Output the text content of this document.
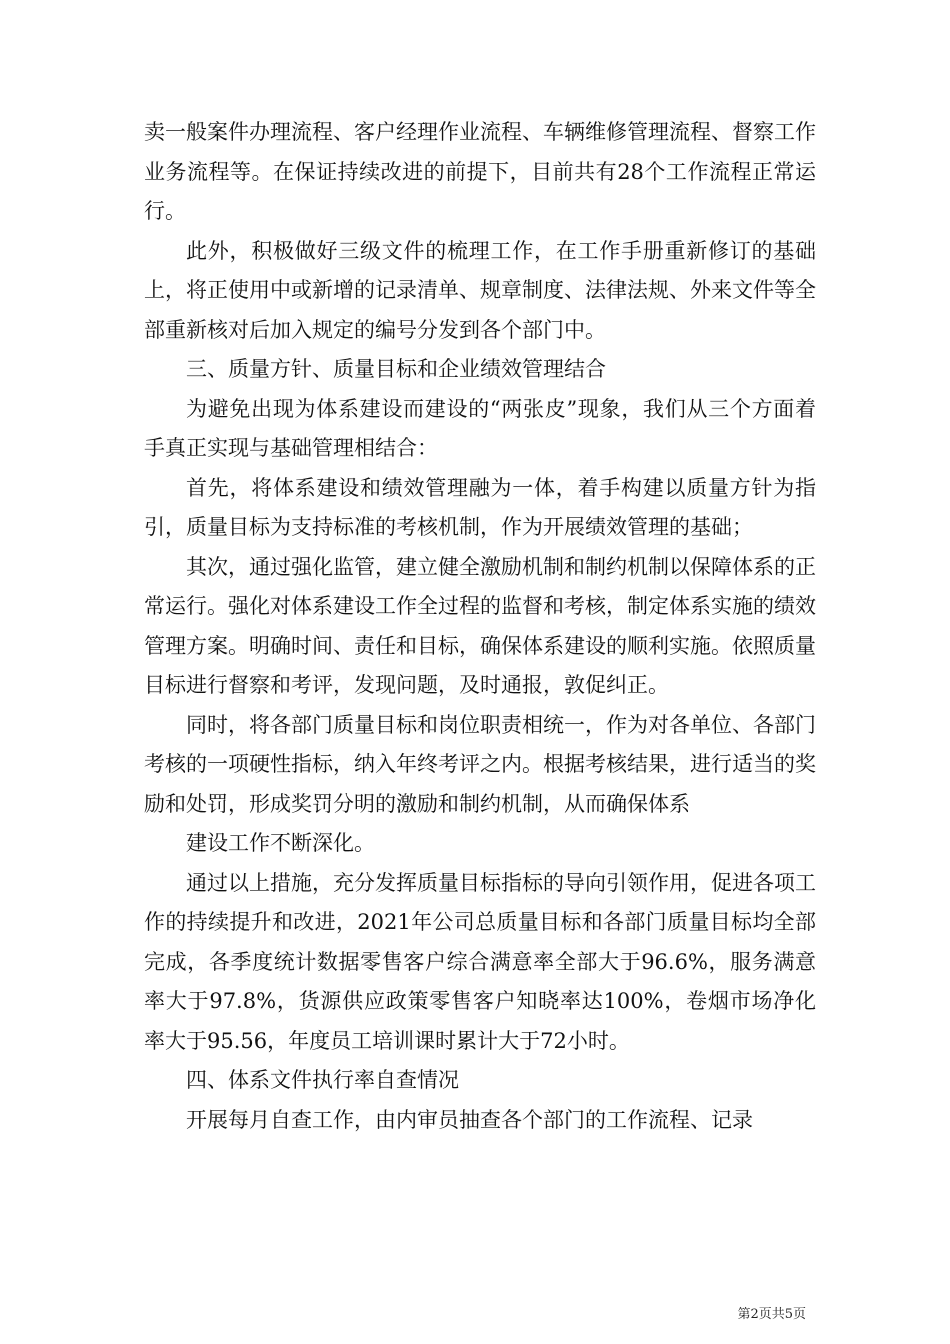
卖一般案件办理流程、客户经理作业流程、车辆维修管理流程、督察工作业务流程等。在保证持续改进的前提下，目前共有28个工作流程正常运行。

此外，积极做好三级文件的梳理工作，在工作手册重新修订的基础上，将正使用中或新增的记录清单、规章制度、法律法规、外来文件等全部重新核对后加入规定的编号分发到各个部门中。

三、质量方针、质量目标和企业绩效管理结合

为避免出现为体系建设而建设的“两张皮”现象，我们从三个方面着手真正实现与基础管理相结合：

首先，将体系建设和绩效管理融为一体，着手构建以质量方针为指引，质量目标为支持标准的考核机制，作为开展绩效管理的基础；

其次，通过强化监管，建立健全激励机制和制约机制以保障体系的正常运行。强化对体系建设工作全过程的监督和考核，制定体系实施的绩效管理方案。明确时间、责任和目标，确保体系建设的顺利实施。依照质量目标进行督察和考评，发现问题，及时通报，敦促纠正。

同时，将各部门质量目标和岗位职责相统一，作为对各单位、各部门考核的一项硬性指标，纳入年终考评之内。根据考核结果，进行适当的奖励和处罚，形成奖罚分明的激励和制约机制，从而确保体系

建设工作不断深化。

通过以上措施，充分发挥质量目标指标的导向引领作用，促进各项工作的持续提升和改进，2021年公司总质量目标和各部门质量目标均全部完成，各季度统计数据零售客户综合满意率全部大于96.6%，服务满意率大于97.8%，货源供应政策零售客户知晓率达100%，卷烟市场净化率大于95.56，年度员工培训课时累计大于72小时。

四、体系文件执行率自查情况

开展每月自查工作，由内审员抽查各个部门的工作流程、记录

第2页共5页
